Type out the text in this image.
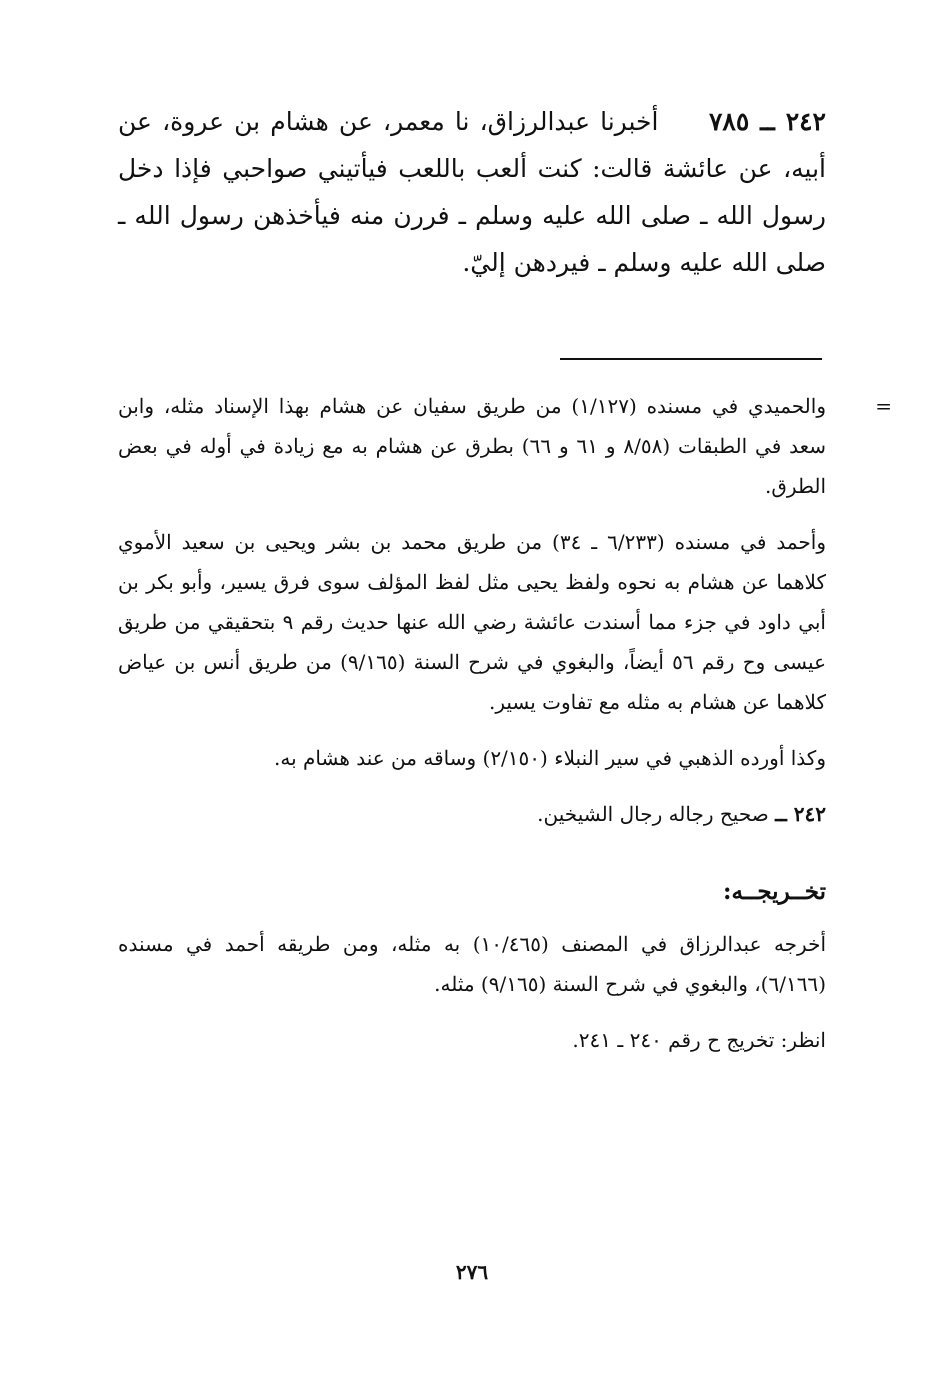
٢٤٢ ــ ٧٨٥     أخبرنا عبدالرزاق، نا معمر، عن هشام بن عروة، عن أبيه، عن عائشة قالت: كنت ألعب باللعب فيأتيني صواحبي فإذا دخل رسول الله ـ صلى الله عليه وسلم ـ فررن منه فيأخذهن رسول الله ـ صلى الله عليه وسلم ـ فيردهن إليّ.

=
والحميدي في مسنده (١/١٢٧) من طريق سفيان عن هشام بهذا الإسناد مثله، وابن سعد في الطبقات (٨/٥٨ و ٦١ و ٦٦) بطرق عن هشام به مع زيادة في أوله في بعض الطرق.

وأحمد في مسنده (٦/٢٣٣ ـ ٣٤) من طريق محمد بن بشر ويحيى بن سعيد الأموي كلاهما عن هشام به نحوه ولفظ يحيى مثل لفظ المؤلف سوى فرق يسير، وأبو بكر بن أبي داود في جزء مما أسندت عائشة رضي الله عنها حديث رقم ٩ بتحقيقي من طريق عيسى وح رقم ٥٦ أيضاً، والبغوي في شرح السنة (٩/١٦٥) من طريق أنس بن عياض كلاهما عن هشام به مثله مع تفاوت يسير.

وكذا أورده الذهبي في سير النبلاء (٢/١٥٠) وساقه من عند هشام به.

٢٤٢ ــ صحيح رجاله رجال الشيخين.

تخــريجــه:

أخرجه عبدالرزاق في المصنف (١٠/٤٦٥) به مثله، ومن طريقه أحمد في مسنده (٦/١٦٦)، والبغوي في شرح السنة (٩/١٦٥) مثله.

انظر: تخريج ح رقم ٢٤٠ ـ ٢٤١.

٢٧٦
